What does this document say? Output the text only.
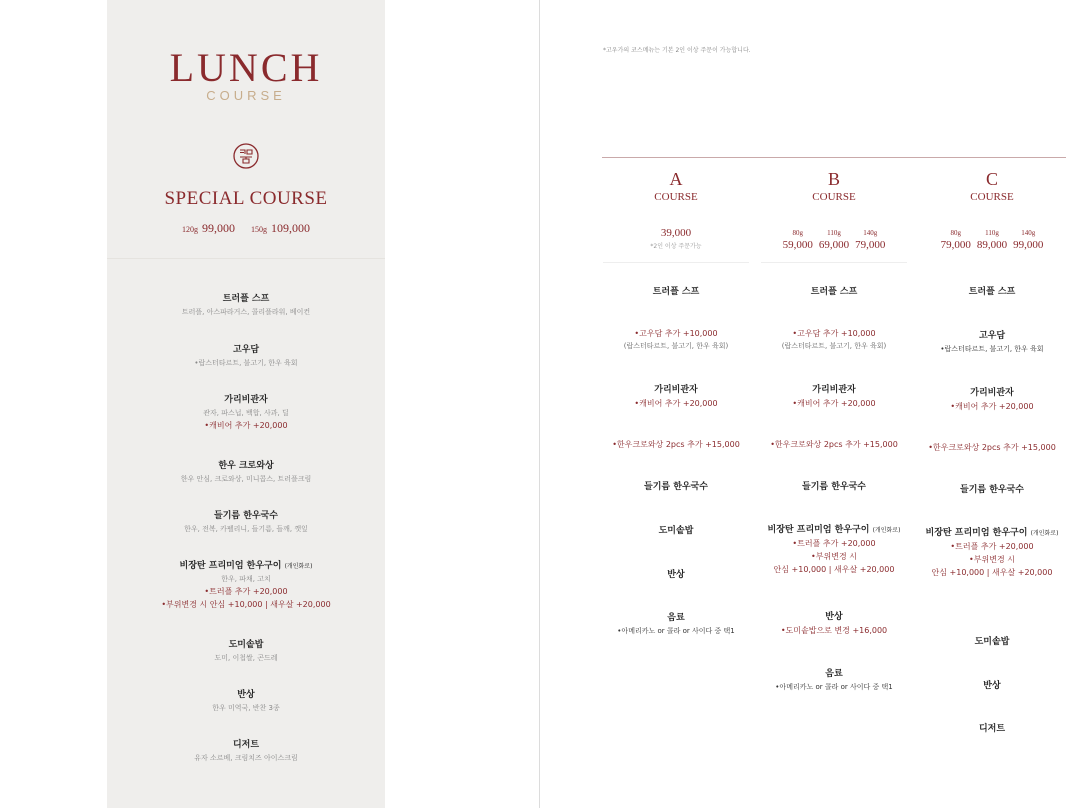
LUNCH
COURSE
SPECIAL COURSE
120g 99,000 150g 109,000
트러플 스프
트러플, 아스파라거스, 콜리플라워, 베이컨
고우담
•랍스터타르트, 불고기, 한우 육회
가리비관자
관자, 파스닙, 백합, 사과, 딜
•캐비어 추가 +20,000
한우 크로와상
한우 안심, 크로와상, 미니콥스, 트러플크림
들기름 한우국수
한우, 전복, 카펠리니, 들기름, 들깨, 깻잎
비장탄 프리미엄 한우구이 $^{(개인화로)}$
한우, 파채, 고치
•트러플 추가 +20,000
•부위변경 시 안심 +10,000 | 새우살 +20,000
도미솥밥
도미, 이첩쌀, 곤드레
반상
한우 미역국, 반찬 3종
디저트
유자 소르베, 크림치즈 아이스크림
*고우가의 코스메뉴는 기본 2인 이상 주문이 가능합니다.
A
COURSE
39,000
*2인 이상 주문가능
B
COURSE
80g
59,000
110g
69,000
140g
79,000
C
COURSE
80g
79,000
110g
89,000
140g
99,000
트러플 스프
•고우담 추가 +10,000
(랍스터타르트, 불고기, 한우 육회)
가리비관자
•캐비어 추가 +20,000
•한우크로와상 2pcs 추가 +15,000
들기름 한우국수
도미솥밥
반상
음료
•아메리카노 or 콜라 or 사이다 중 택1
트러플 스프
•고우담 추가 +10,000
(랍스터타르트, 불고기, 한우 육회)
가리비관자
•캐비어 추가 +20,000
•한우크로와상 2pcs 추가 +15,000
들기름 한우국수
비장탄 프리미엄 한우구이 $^{(개인화로)}$
•트러플 추가 +20,000
•부위변경 시
안심 +10,000 | 새우살 +20,000
반상
•도미솥밥으로 변경 +16,000
음료
•아메리카노 or 콜라 or 사이다 중 택1
트러플 스프
고우담
•랍스터타르트, 불고기, 한우 육회
가리비관자
•캐비어 추가 +20,000
•한우크로와상 2pcs 추가 +15,000
들기름 한우국수
비장탄 프리미엄 한우구이 $^{(개인화로)}$
•트러플 추가 +20,000
•부위변경 시
안심 +10,000 | 새우살 +20,000
도미솥밥
반상
디저트
